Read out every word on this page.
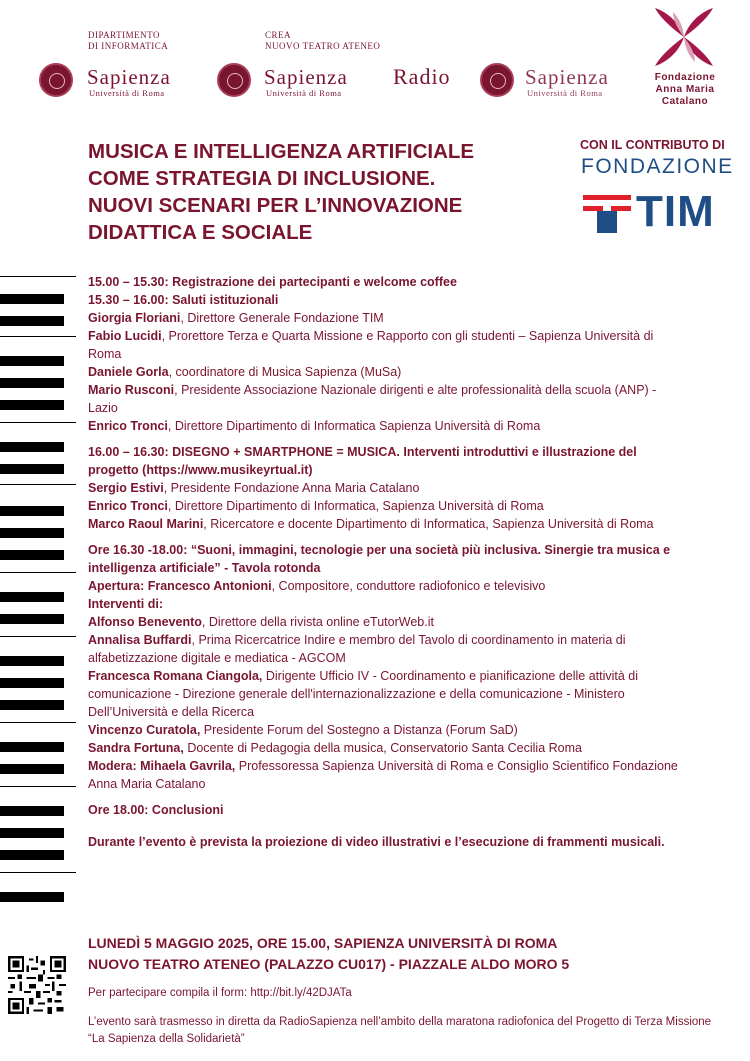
DIPARTIMENTO
DI INFORMATICA
Sapienza
Università di Roma
CREA
NUOVO TEATRO ATENEO
Sapienza
Università di Roma
Radio	Sapienza
Università di Roma
Fondazione
Anna Maria
Catalano
MUSICA E INTELLIGENZA ARTIFICIALE
COME STRATEGIA DI INCLUSIONE.
NUOVI SCENARI PER L’INNOVAZIONE
DIDATTICA E SOCIALE
CON IL CONTRIBUTO DI
FONDAZIONE
TIM

15.00 – 15.30: Registrazione dei partecipanti e welcome coffee

15.30 – 16.00: Saluti istituzionali

Giorgia Floriani, Direttore Generale Fondazione TIM

Fabio Lucidi, Prorettore Terza e Quarta Missione e Rapporto con gli studenti – Sapienza Università di Roma

Daniele Gorla, coordinatore di Musica Sapienza (MuSa)

Mario Rusconi, Presidente Associazione Nazionale dirigenti e alte professionalità della scuola (ANP) - Lazio

Enrico Tronci, Direttore Dipartimento di Informatica Sapienza Università di Roma

16.00 – 16.30: DISEGNO + SMARTPHONE = MUSICA. Interventi introduttivi e illustrazione del progetto (https://www.musikeyrtual.it)

Sergio Estivi, Presidente Fondazione Anna Maria Catalano

Enrico Tronci, Direttore Dipartimento di Informatica, Sapienza Università di Roma

Marco Raoul Marini, Ricercatore e docente Dipartimento di Informatica, Sapienza Università di Roma

Ore 16.30 -18.00: “Suoni, immagini, tecnologie per una società più inclusiva. Sinergie tra musica e intelligenza artificiale” - Tavola rotonda

Apertura: Francesco Antonioni, Compositore, conduttore radiofonico e televisivo

Interventi di:

Alfonso Benevento, Direttore della rivista online eTutorWeb.it

Annalisa Buffardi, Prima Ricercatrice Indire e membro del Tavolo di coordinamento in materia di alfabetizzazione digitale e mediatica - AGCOM

Francesca Romana Ciangola, Dirigente Ufficio IV - Coordinamento e pianificazione delle attività di comunicazione - Direzione generale dell'internazionalizzazione e della comunicazione - Ministero Dell’Università e della Ricerca

Vincenzo Curatola, Presidente Forum del Sostegno a Distanza (Forum SaD)

Sandra Fortuna, Docente di Pedagogia della musica, Conservatorio Santa Cecilia Roma

Modera: Mihaela Gavrila, Professoressa Sapienza Università di Roma e Consiglio Scientifico Fondazione Anna Maria Catalano

Ore 18.00: Conclusioni

Durante l’evento è prevista la proiezione di video illustrativi e l’esecuzione di frammenti musicali.

LUNEDÌ 5 MAGGIO 2025, ORE 15.00, SAPIENZA UNIVERSITÀ DI ROMA
NUOVO TEATRO ATENEO (PALAZZO CU017) - PIAZZALE ALDO MORO 5
Per partecipare compila il form: http://bit.ly/42DJATa
L’evento sarà trasmesso in diretta da RadioSapienza nell’ambito della maratona radiofonica del Progetto di Terza Missione “La Sapienza della Solidarietà”
